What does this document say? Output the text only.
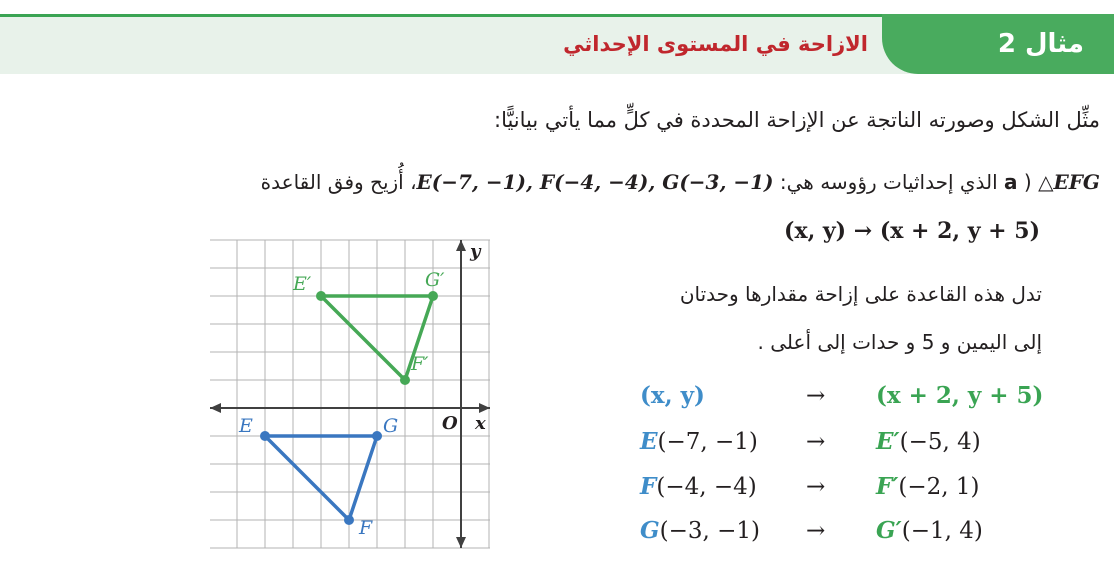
مثال 2
الازاحة في المستوى الإحداثي
مثِّل الشكل وصورته الناتجة عن الإزاحة المحددة في كلٍّ مما يأتي بيانيًّا:
a ) △EFG الذي إحداثيات رؤوسه هي: E(−7, −1), F(−4, −4), G(−3, −1)، أُزيح وفق القاعدة
(x, y) → (x + 2, y + 5)
تدل هذه القاعدة على إزاحة مقدارها وحدتان
إلى اليمين و 5 و حدات إلى أعلى .
(x, y)	→ (x + 2, y + 5)
E(−7, −1) → E′(−5, 4)
F(−4, −4) → F′(−2, 1)
G(−3, −1) → G′(−1, 4)
x
y
O
E
F
G
E′
F′
G′
